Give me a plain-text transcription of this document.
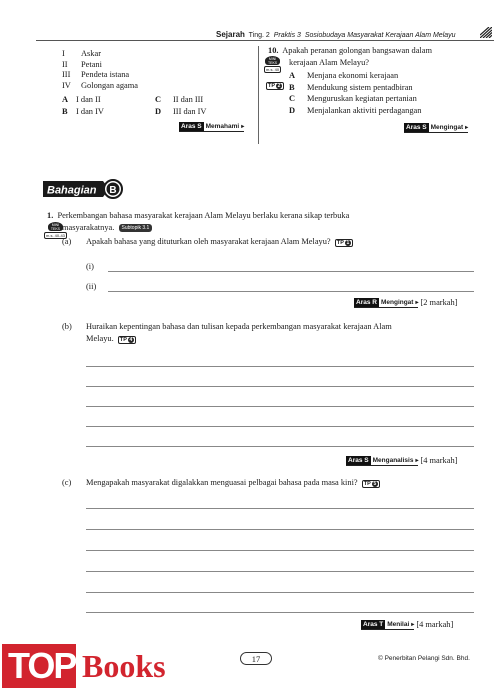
Sejarah Ting. 2 Praktis 3 Sosiobudaya Masyarakat Kerajaan Alam Melayu
I Askar
II Petani
III Pendeta istana
IV Golongan agama
A I dan II	C II dan III
B I dan IV	D III dan IV
Aras S Memahami ▸
10. Apakah peranan golongan bangsawan dalam
MINI TEKS
m.s. 40
kerajaan Alam Melayu?
TP 2
A Menjana ekonomi kerajaan
B Mendukung sistem pentadbiran
C Menguruskan kegiatan pertanian
D Menjalankan aktiviti perdagangan
Aras S Mengingat ▸
Bahagian B
1. Perkembangan bahasa masyarakat kerajaan Alam Melayu berlaku kerana sikap terbuka
MINI TEKS
m.s. 40-43
masyarakatnya. Subtopik 3.1
(a) Apakah bahasa yang dituturkan oleh masyarakat kerajaan Alam Melayu? TP 1
(i)
(ii)
Aras R Mengingat ▸ [2 markah]
(b) Huraikan kepentingan bahasa dan tulisan kepada perkembangan masyarakat kerajaan Alam
Melayu. TP 4
Aras S Menganalisis ▸ [4 markah]
(c) Mengapakah masyarakat digalakkan menguasai pelbagai bahasa pada masa kini? TP 5
Aras T Menilai ▸ [4 markah]
17	© Penerbitan Pelangi Sdn. Bhd.
TOP Books
